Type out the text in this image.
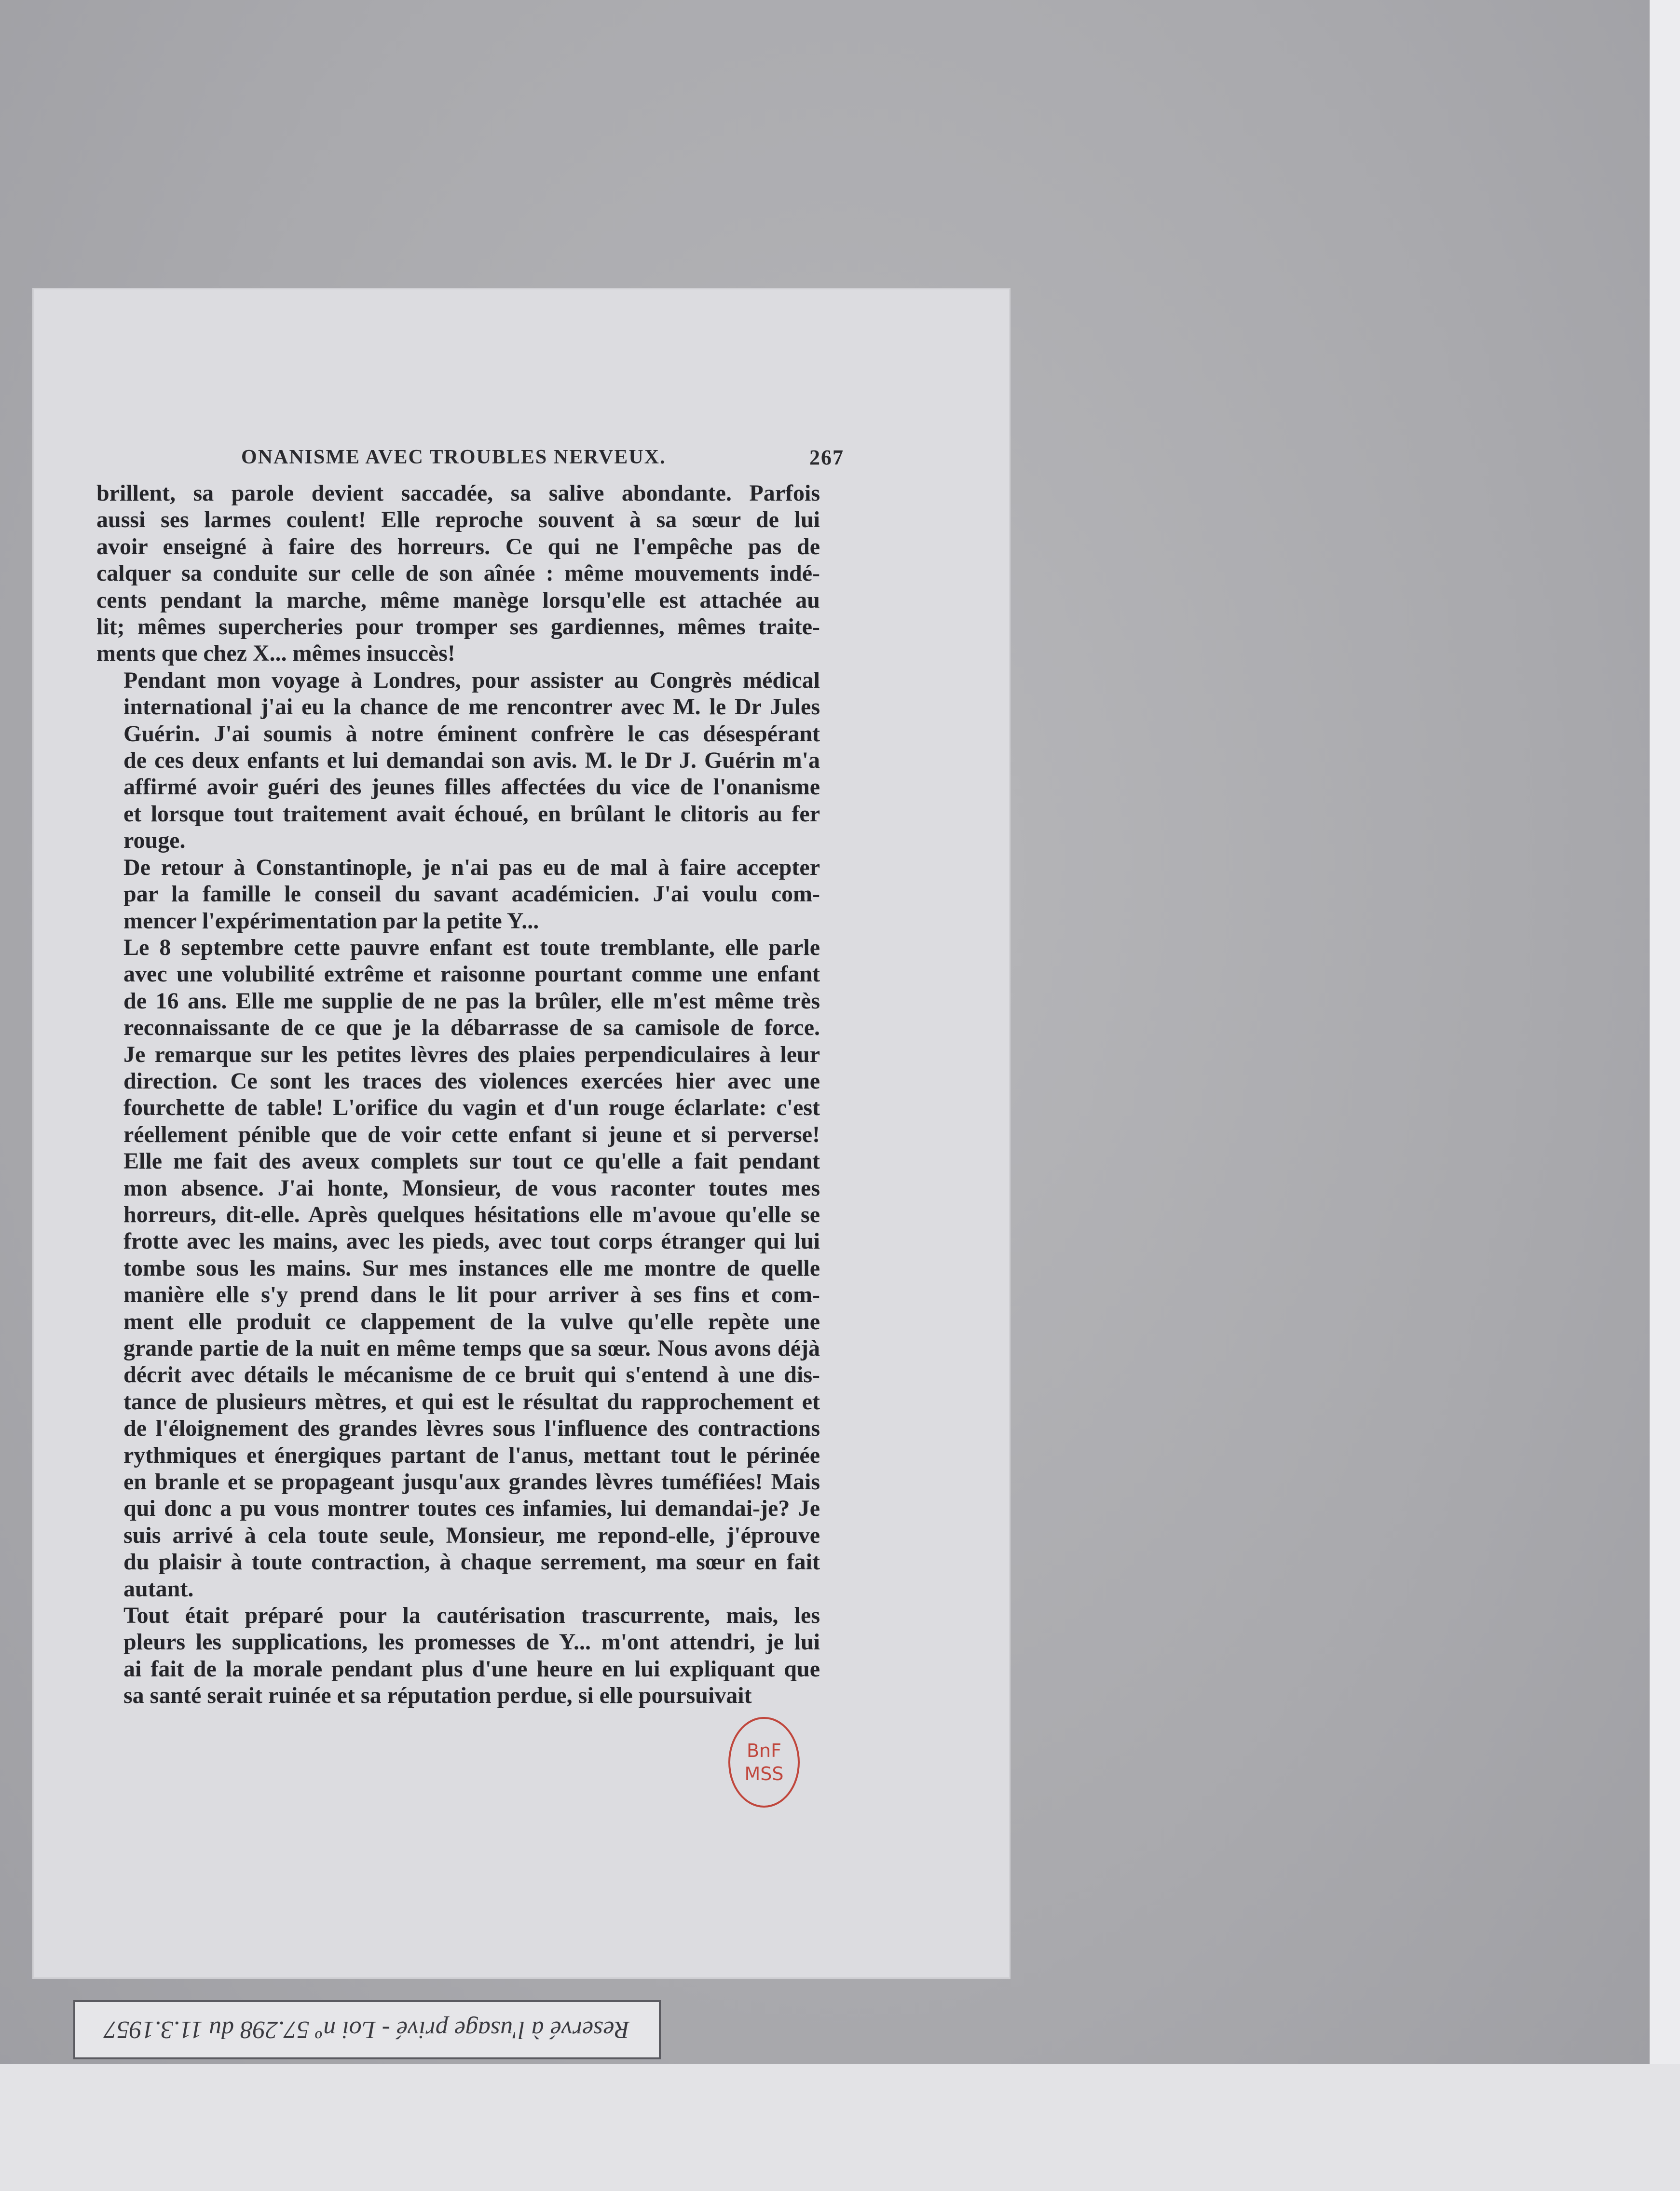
ONANISME AVEC TROUBLES NERVEUX.	267

brillent, sa parole devient saccadée, sa salive abondante. Parfois
aussi ses larmes coulent! Elle reproche souvent à sa sœur de lui
avoir enseigné à faire des horreurs. Ce qui ne l'empêche pas de
calquer sa conduite sur celle de son aînée : même mouvements indé-
cents pendant la marche, même manège lorsqu'elle est attachée au
lit; mêmes supercheries pour tromper ses gardiennes, mêmes traite-
ments que chez X... mêmes insuccès!

Pendant mon voyage à Londres, pour assister au Congrès médical
international j'ai eu la chance de me rencontrer avec M. le Dr Jules
Guérin. J'ai soumis à notre éminent confrère le cas désespérant
de ces deux enfants et lui demandai son avis. M. le Dr J. Guérin m'a
affirmé avoir guéri des jeunes filles affectées du vice de l'onanisme
et lorsque tout traitement avait échoué, en brûlant le clitoris au fer
rouge.

De retour à Constantinople, je n'ai pas eu de mal à faire accepter
par la famille le conseil du savant académicien. J'ai voulu com-
mencer l'expérimentation par la petite Y...

Le 8 septembre cette pauvre enfant est toute tremblante, elle parle
avec une volubilité extrême et raisonne pourtant comme une enfant
de 16 ans. Elle me supplie de ne pas la brûler, elle m'est même très
reconnaissante de ce que je la débarrasse de sa camisole de force.
Je remarque sur les petites lèvres des plaies perpendiculaires à leur
direction. Ce sont les traces des violences exercées hier avec une
fourchette de table! L'orifice du vagin et d'un rouge éclarlate: c'est
réellement pénible que de voir cette enfant si jeune et si perverse!
Elle me fait des aveux complets sur tout ce qu'elle a fait pendant
mon absence. J'ai honte, Monsieur, de vous raconter toutes mes
horreurs, dit-elle. Après quelques hésitations elle m'avoue qu'elle se
frotte avec les mains, avec les pieds, avec tout corps étranger qui lui
tombe sous les mains. Sur mes instances elle me montre de quelle
manière elle s'y prend dans le lit pour arriver à ses fins et com-
ment elle produit ce clappement de la vulve qu'elle repète une
grande partie de la nuit en même temps que sa sœur. Nous avons déjà
décrit avec détails le mécanisme de ce bruit qui s'entend à une dis-
tance de plusieurs mètres, et qui est le résultat du rapprochement et
de l'éloignement des grandes lèvres sous l'influence des contractions
rythmiques et énergiques partant de l'anus, mettant tout le périnée
en branle et se propageant jusqu'aux grandes lèvres tuméfiées! Mais
qui donc a pu vous montrer toutes ces infamies, lui demandai-je? Je
suis arrivé à cela toute seule, Monsieur, me repond-elle, j'éprouve
du plaisir à toute contraction, à chaque serrement, ma sœur en fait
autant.

Tout était préparé pour la cautérisation trascurrente, mais, les
pleurs les supplications, les promesses de Y... m'ont attendri, je lui
ai fait de la morale pendant plus d'une heure en lui expliquant que
sa santé serait ruinée et sa réputation perdue, si elle poursuivait

BnF
MSS
Reservé à l'usage privé - Loi nº 57.298 du 11.3.1957
